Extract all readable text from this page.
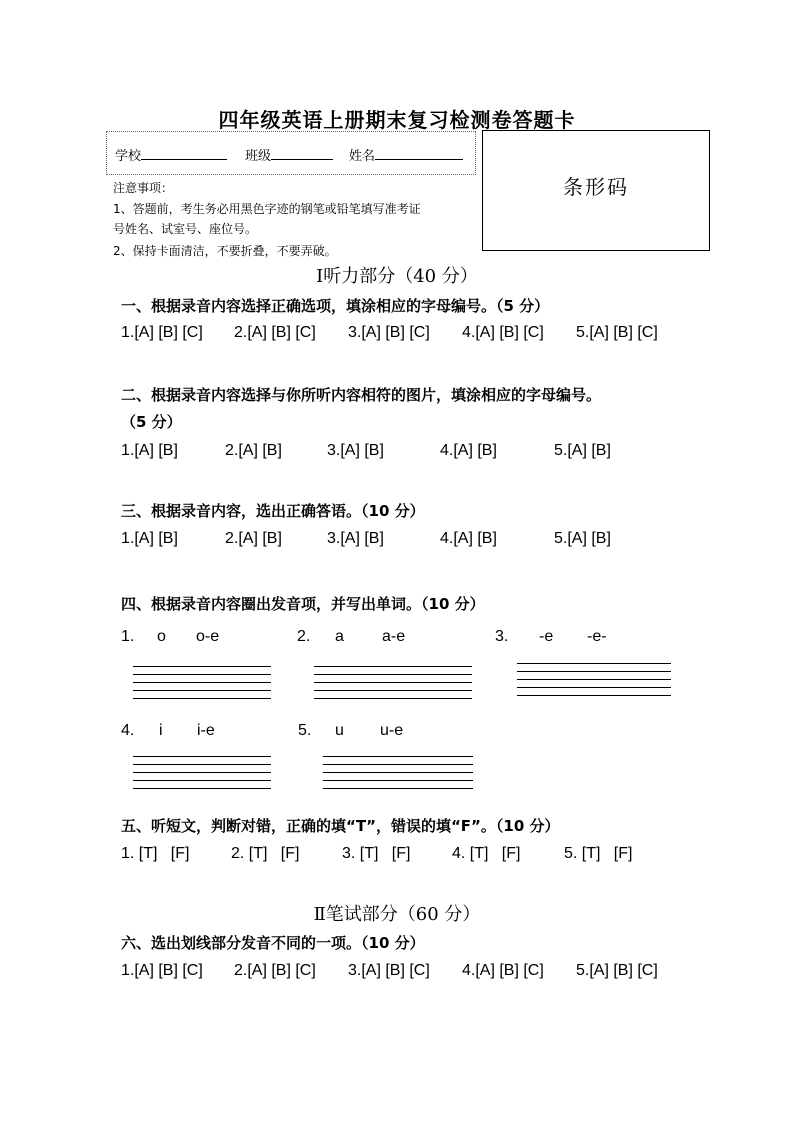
四年级英语上册期末复习检测卷答题卡
学校	班级	姓名
条形码
注意事项：
1、答题前，考生务必用黑色字迹的钢笔或铅笔填写准考证
号姓名、试室号、座位号。
2、保持卡面清洁，不要折叠，不要弄破。
Ⅰ听力部分（40 分）
一、根据录音内容选择正确选项，填涂相应的字母编号。（5 分）
1.[A] [B] [C] 2.[A] [B] [C] 3.[A] [B] [C] 4.[A] [B] [C] 5.[A] [B] [C]
二、根据录音内容选择与你所听内容相符的图片，填涂相应的字母编号。
（5 分）
1.[A] [B]	2.[A] [B]	3.[A] [B]	4.[A] [B]	5.[A] [B]
三、根据录音内容，选出正确答语。（10 分）
1.[A] [B]	2.[A] [B]	3.[A] [B]	4.[A] [B]	5.[A] [B]
四、根据录音内容圈出发音项，并写出单词。（10 分）
1. o o-e	2. a a-e	3. -e -e-
4. i i-e	5. u u-e
五、听短文，判断对错，正确的填“T”，错误的填“F”。（10 分）
1. [T]   [F]	2. [T]   [F]	3. [T]   [F]	4. [T]   [F]	5. [T]   [F]
Ⅱ笔试部分（60 分）
六、选出划线部分发音不同的一项。（10 分）
1.[A] [B] [C] 2.[A] [B] [C] 3.[A] [B] [C] 4.[A] [B] [C] 5.[A] [B] [C]
